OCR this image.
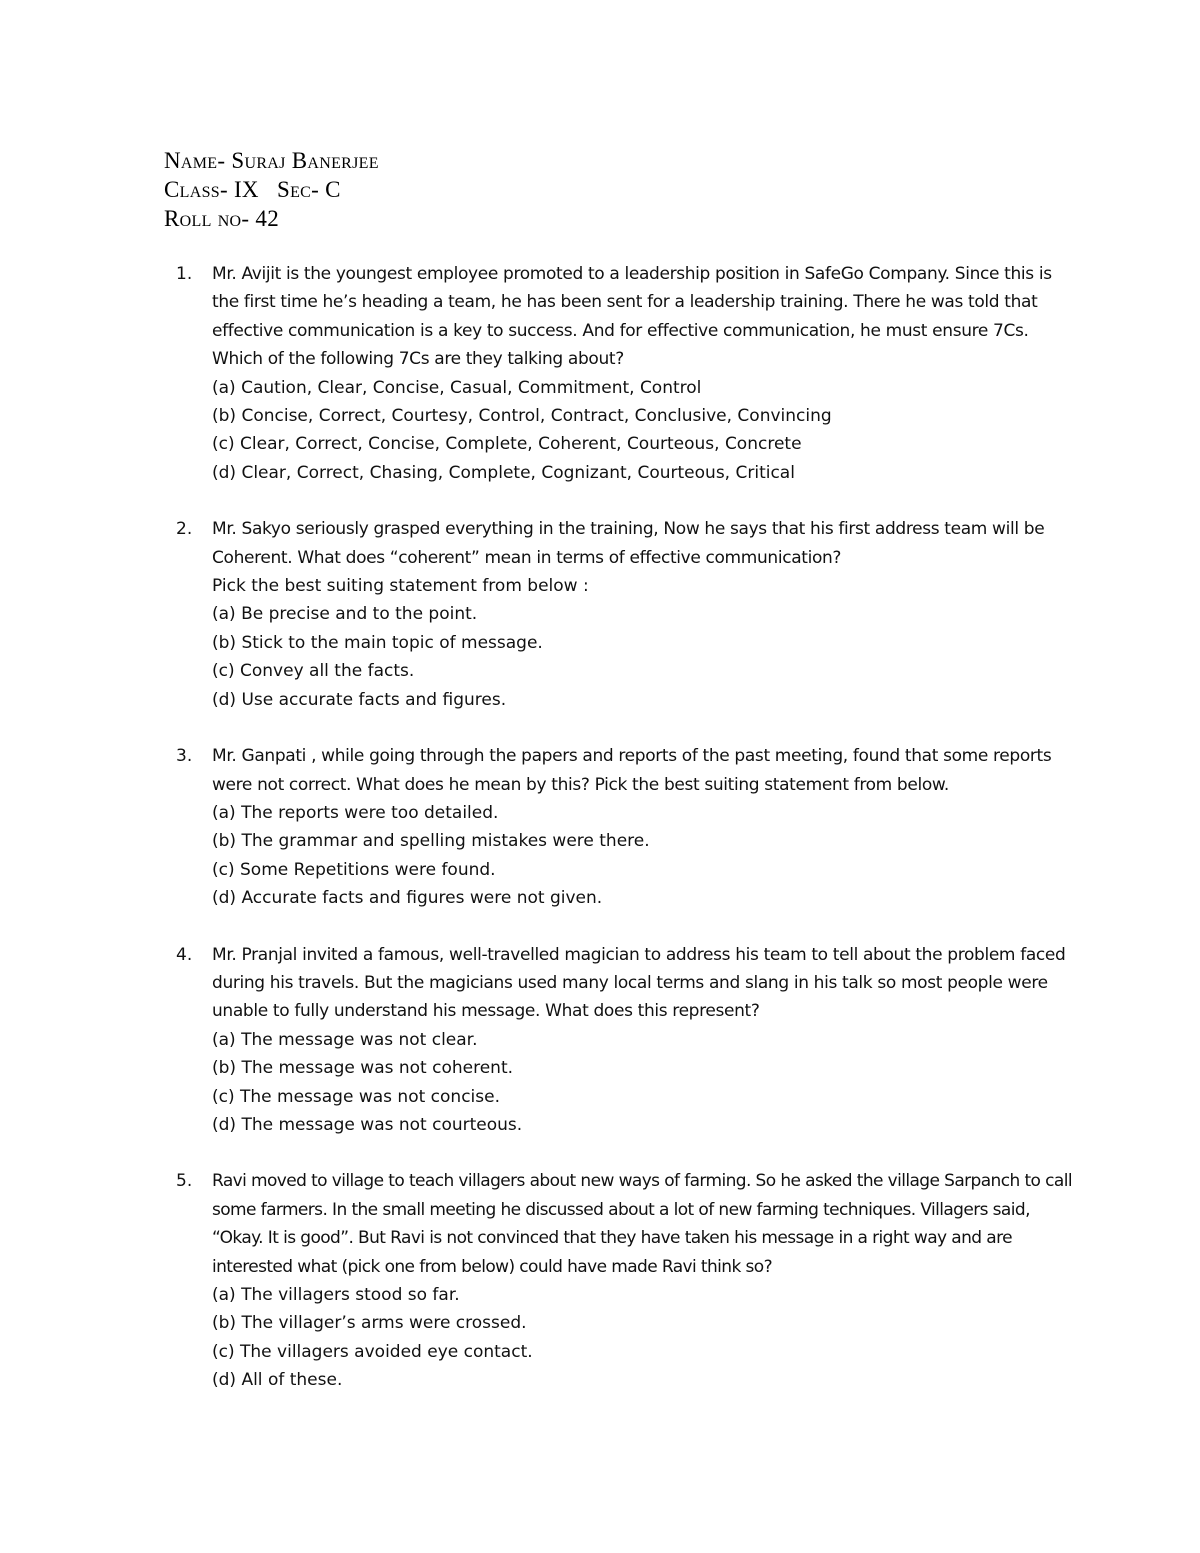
Name- Suraj Banerjee
Class- IX   Sec- C
Roll no- 42
1.	Mr. Avijit is the youngest employee promoted to a leadership position in SafeGo Company. Since this is the first time he’s heading a team, he has been sent for a leadership training. There he was told that effective communication is a key to success. And for effective communication, he must ensure 7Cs. Which of the following 7Cs are they talking about?
(a) Caution, Clear, Concise, Casual, Commitment, Control
(b) Concise, Correct, Courtesy, Control, Contract, Conclusive, Convincing
(c) Clear, Correct, Concise, Complete, Coherent, Courteous, Concrete
(d) Clear, Correct, Chasing, Complete, Cognizant, Courteous, Critical
2.	Mr. Sakyo seriously grasped everything in the training, Now he says that his first address team will be Coherent. What does “coherent” mean in terms of effective communication?
Pick the best suiting statement from below :
(a) Be precise and to the point.
(b) Stick to the main topic of message.
(c) Convey all the facts.
(d) Use accurate facts and figures.
3.	Mr. Ganpati , while going through the papers and reports of the past meeting, found that some reports were not correct. What does he mean by this? Pick the best suiting statement from below.
(a) The reports were too detailed.
(b) The grammar and spelling mistakes were there.
(c) Some Repetitions were found.
(d) Accurate facts and figures were not given.
4.	Mr. Pranjal invited a famous, well-travelled magician to address his team to tell about the problem faced during his travels. But the magicians used many local terms and slang in his talk so most people were unable to fully understand his message. What does this represent?
(a) The message was not clear.
(b) The message was not coherent.
(c) The message was not concise.
(d) The message was not courteous.
5.	Ravi moved to village to teach villagers about new ways of farming. So he asked the village Sarpanch to call some farmers. In the small meeting he discussed about a lot of new farming techniques. Villagers said, “Okay. It is good”. But Ravi is not convinced that they have taken his message in a right way and are interested what (pick one from below) could have made Ravi think so?
(a) The villagers stood so far.
(b) The villager’s arms were crossed.
(c) The villagers avoided eye contact.
(d) All of these.
